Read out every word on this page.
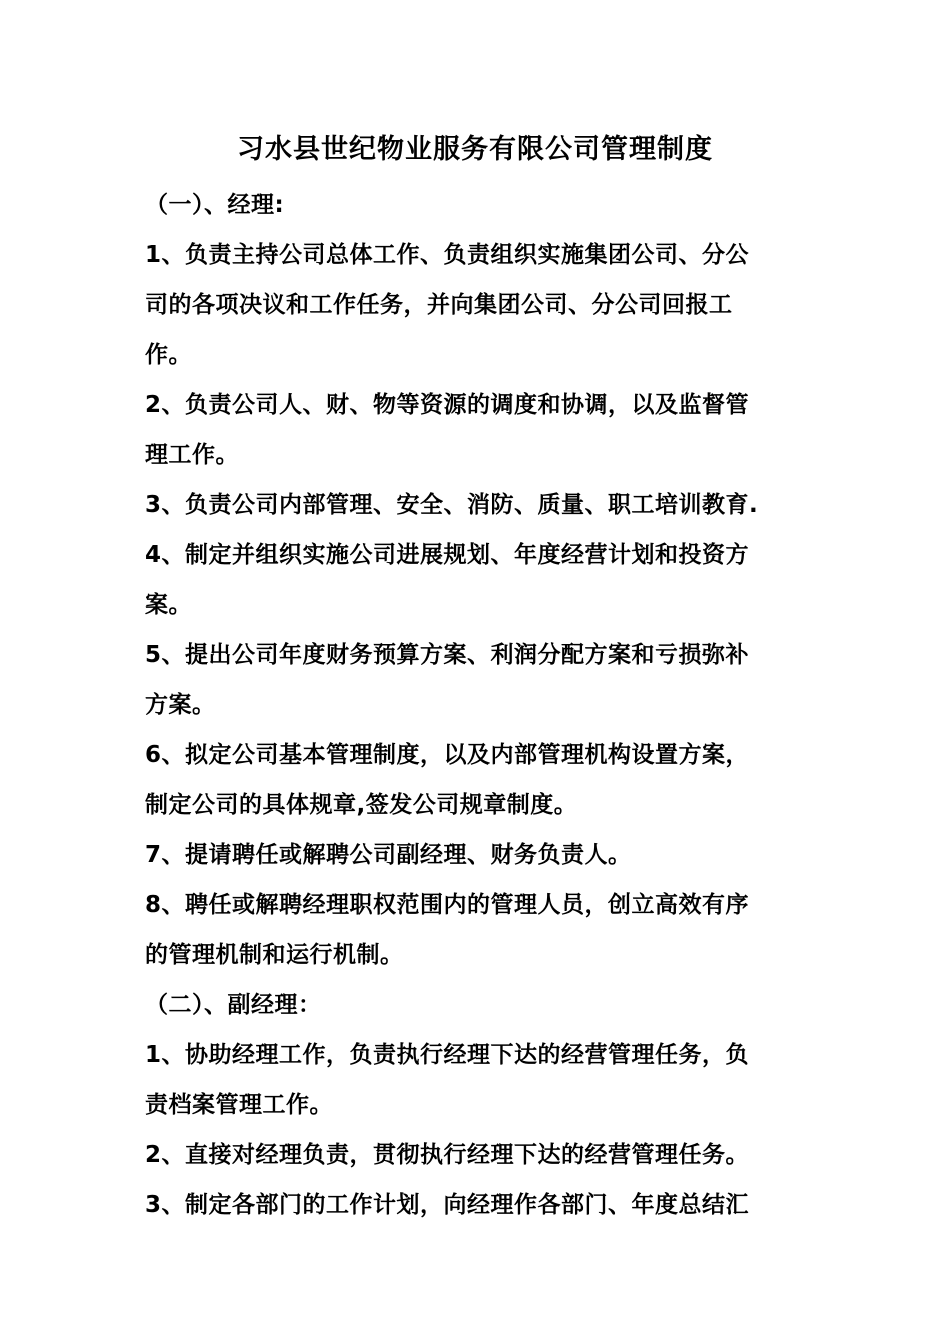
习水县世纪物业服务有限公司管理制度

（一）、经理:

1、负责主持公司总体工作、负责组织实施集团公司、分公

司的各项决议和工作任务，并向集团公司、分公司回报工

作。

2、负责公司人、财、物等资源的调度和协调，以及监督管

理工作。

3、负责公司内部管理、安全、消防、质量、职工培训教育.

4、制定并组织实施公司进展规划、年度经营计划和投资方

案。

5、提出公司年度财务预算方案、利润分配方案和亏损弥补

方案。

6、拟定公司基本管理制度，以及内部管理机构设置方案，

制定公司的具体规章,签发公司规章制度。

7、提请聘任或解聘公司副经理、财务负责人。

8、聘任或解聘经理职权范围内的管理人员，创立高效有序

的管理机制和运行机制。

（二）、副经理：

1、协助经理工作，负责执行经理下达的经营管理任务，负

责档案管理工作。

2、直接对经理负责，贯彻执行经理下达的经营管理任务。

3、制定各部门的工作计划，向经理作各部门、年度总结汇
